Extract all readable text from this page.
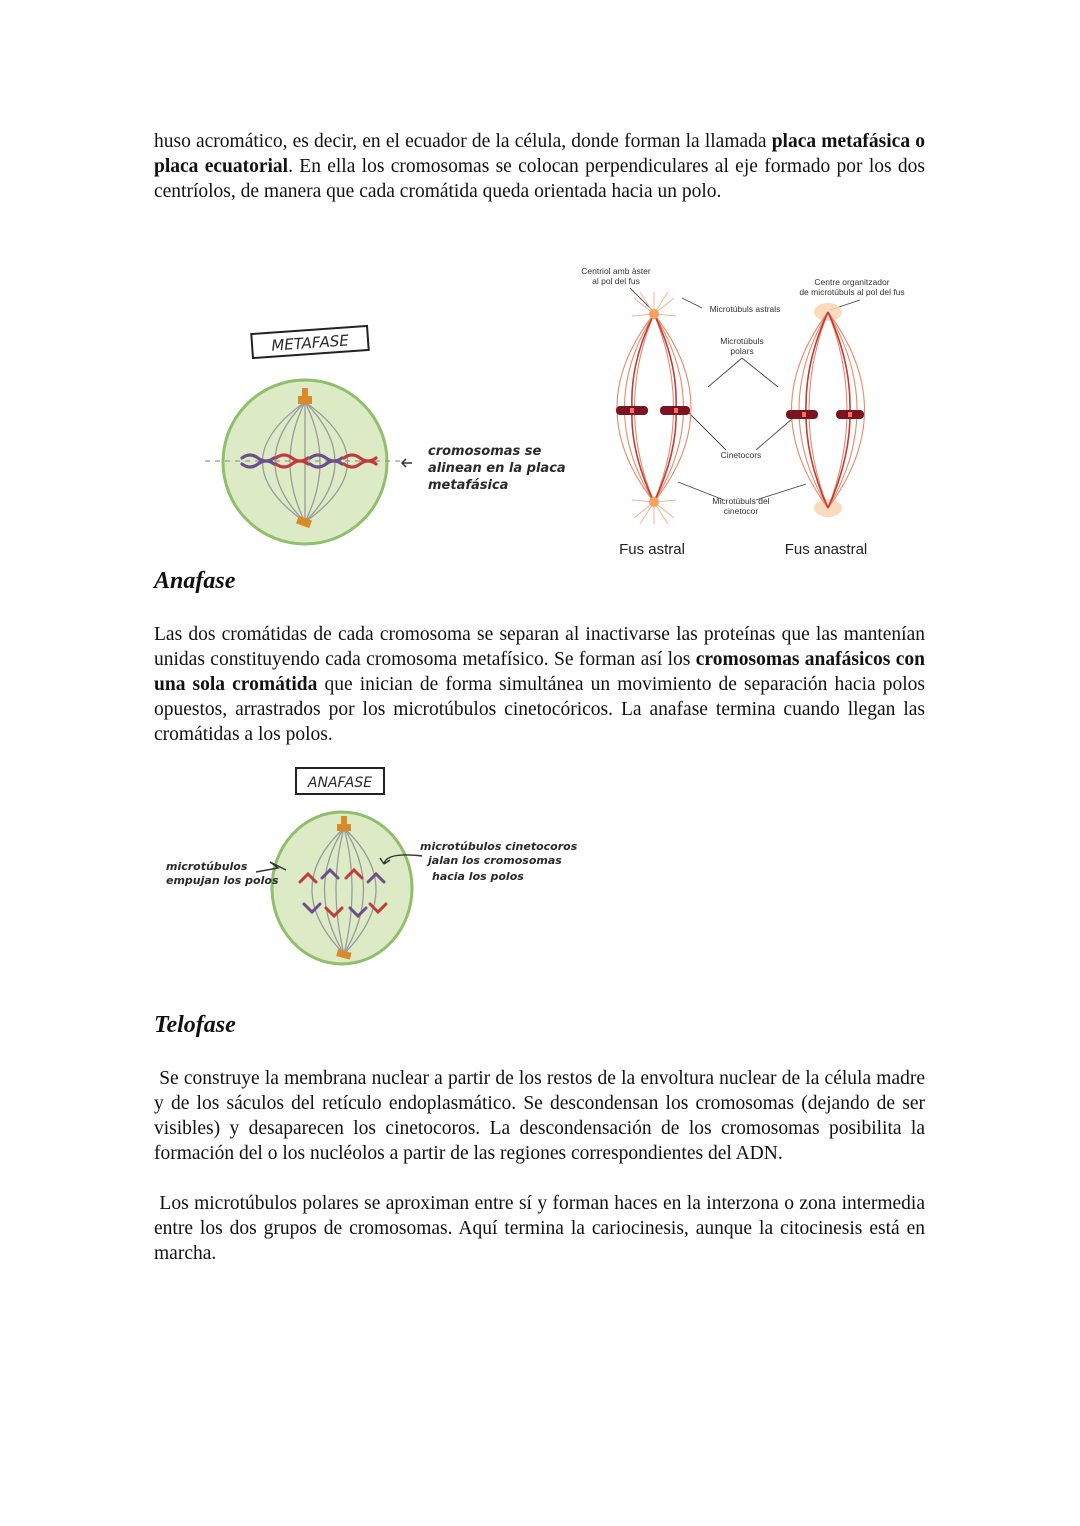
huso acromático, es decir, en el ecuador de la célula, donde forman la llamada placa metafásica o placa ecuatorial. En ella los cromosomas se colocan perpendiculares al eje formado por los dos centríolos, de manera que cada cromátida queda orientada hacia un polo.

METAFASE
cromosomas se
alinean en la placa
metafásica
Centriol amb àster
al pol del fus	Centre organitzador
de microtúbuls al pol del fus
Microtúbuls astrals
Microtúbuls
polars
Cinetocors
Microtúbuls del
cinetocor
Fus astral	Fus anastral
Anafase

Las dos cromátidas de cada cromosoma se separan al inactivarse las proteínas que las mantenían unidas constituyendo cada cromosoma metafísico. Se forman así los cromosomas anafásicos con una sola cromátida que inician de forma simultánea un movimiento de separación hacia polos opuestos, arrastrados por los microtúbulos cinetocóricos. La anafase termina cuando llegan las cromátidas a los polos.

ANAFASE
microtúbulos
empujan los polos
microtúbulos cinetocoros
jalan los cromosomas
hacia los polos
Telofase

Se construye la membrana nuclear a partir de los restos de la envoltura nuclear de la célula madre y de los sáculos del retículo endoplasmático. Se descondensan los cromosomas (dejando de ser visibles) y desaparecen los cinetocoros. La descondensación de los cromosomas posibilita la formación del o los nucléolos a partir de las regiones correspondientes del ADN.

Los microtúbulos polares se aproximan entre sí y forman haces en la interzona o zona intermedia entre los dos grupos de cromosomas. Aquí termina la cariocinesis, aunque la citocinesis está en marcha.
